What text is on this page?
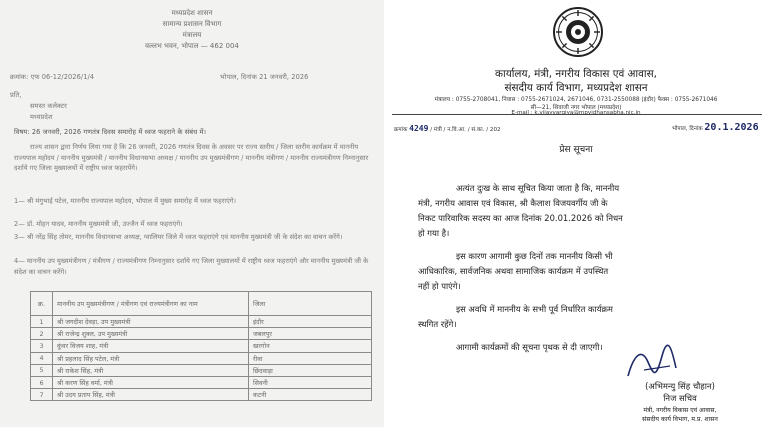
मध्यप्रदेश शासन
सामान्य प्रशासन विभाग
मंत्रालय
वल्लभ भवन, भोपाल — 462 004
क्रमांक: एफ 06-12/2026/1/4	भोपाल, दिनांक 21 जनवरी, 2026
प्रति,
समस्त कलेक्टर
मध्यप्रदेश
विषय: 26 जनवरी, 2026 गणतंत्र दिवस समारोह में ध्वज फहराने के संबंध में।
राज्य शासन द्वारा निर्णय लिया गया है कि 26 जनवरी, 2026 गणतंत्र दिवस के अवसर पर राज्य स्तरीय / जिला स्तरीय कार्यक्रम में माननीय राज्यपाल महोदय / माननीय मुख्यमंत्री / माननीय विधानसभा अध्यक्ष / माननीय उप मुख्यमंत्रीगण / माननीय मंत्रीगण / माननीय राज्यमंत्रीगण निम्नानुसार दर्शाये गए जिला मुख्यालयों में राष्ट्रीय ध्वज फहरायेंगे।
1— श्री मंगुभाई पटेल, माननीय राज्यपाल महोदय, भोपाल में मुख्य समारोह में ध्वज फहराएंगे।
2— डॉ. मोहन यादव, माननीय मुख्यमंत्री जी, उज्जैन में ध्वज फहराएंगे।
3— श्री नरेंद्र सिंह तोमर, माननीय विधानसभा अध्यक्ष, ग्वालियर जिले में ध्वज फहराएंगे एवं माननीय मुख्यमंत्री जी के संदेश का वाचन करेंगे।
4— माननीय उप मुख्यमंत्रीगण / मंत्रीगण / राज्यमंत्रीगण निम्नानुसार दर्शाये गए जिला मुख्यालयों में राष्ट्रीय ध्वज फहराएंगे और माननीय मुख्यमंत्री जी के संदेश का वाचन करेंगे।
क्र.	माननीय उप मुख्यमंत्रीगण / मंत्रीगण एवं राज्यमंत्रीगण का नाम	जिला
1	श्री जगदीश देवड़ा, उप मुख्यमंत्री	इंदौर
2	श्री राजेन्द्र शुक्ल, उप मुख्यमंत्री	जबलपुर
3	कुंवर विजय शाह, मंत्री	खरगोन
4	श्री प्रहलाद सिंह पटेल, मंत्री	रीवा
5	श्री राकेश सिंह, मंत्री	छिंदवाड़ा
6	श्री करण सिंह वर्मा, मंत्री	सिवनी
7	श्री उदय प्रताप सिंह, मंत्री	कटनी
कार्यालय, मंत्री, नगरीय विकास एवं आवास,
संसदीय कार्य विभाग, मध्यप्रदेश शासन
मंत्रालय : 0755-2708041, निवास : 0755-2671024, 2671046, 0731-2550088 (इंदौर) फैक्स : 0755-2671046
सी—21, शिवाजी नगर भोपाल (मध्यप्रदेश)
E-mail : k.vijayvargiya@mpvidhansabha.nic.in
क्रमांक 4249 / मंत्री / न.वि.आ. / सं.का. / 202	भोपाल, दिनांक 20.1.2026
प्रेस सूचना
अत्यंत दुःख के साथ सूचित किया जाता है कि, माननीय
मंत्री, नगरीय आवास एवं विकास, श्री कैलाश विजयवर्गीय जी के
निकट पारिवारिक सदस्य का आज दिनांक 20.01.2026 को निधन
हो गया है।
इस कारण आगामी कुछ दिनों तक माननीय किसी भी
आधिकारिक, सार्वजनिक अथवा सामाजिक कार्यक्रम में उपस्थित
नहीं हो पाएंगे।
इस अवधि में माननीय के सभी पूर्व निर्धारित कार्यक्रम
स्थगित रहेंगे।
आगामी कार्यक्रमों की सूचना पृथक से दी जाएगी।
(अभिमन्यु सिंह चौहान)
निज सचिव
मंत्री, नगरीय विकास एवं आवास,
संसदीय कार्य विभाग, म.प्र. शासन
